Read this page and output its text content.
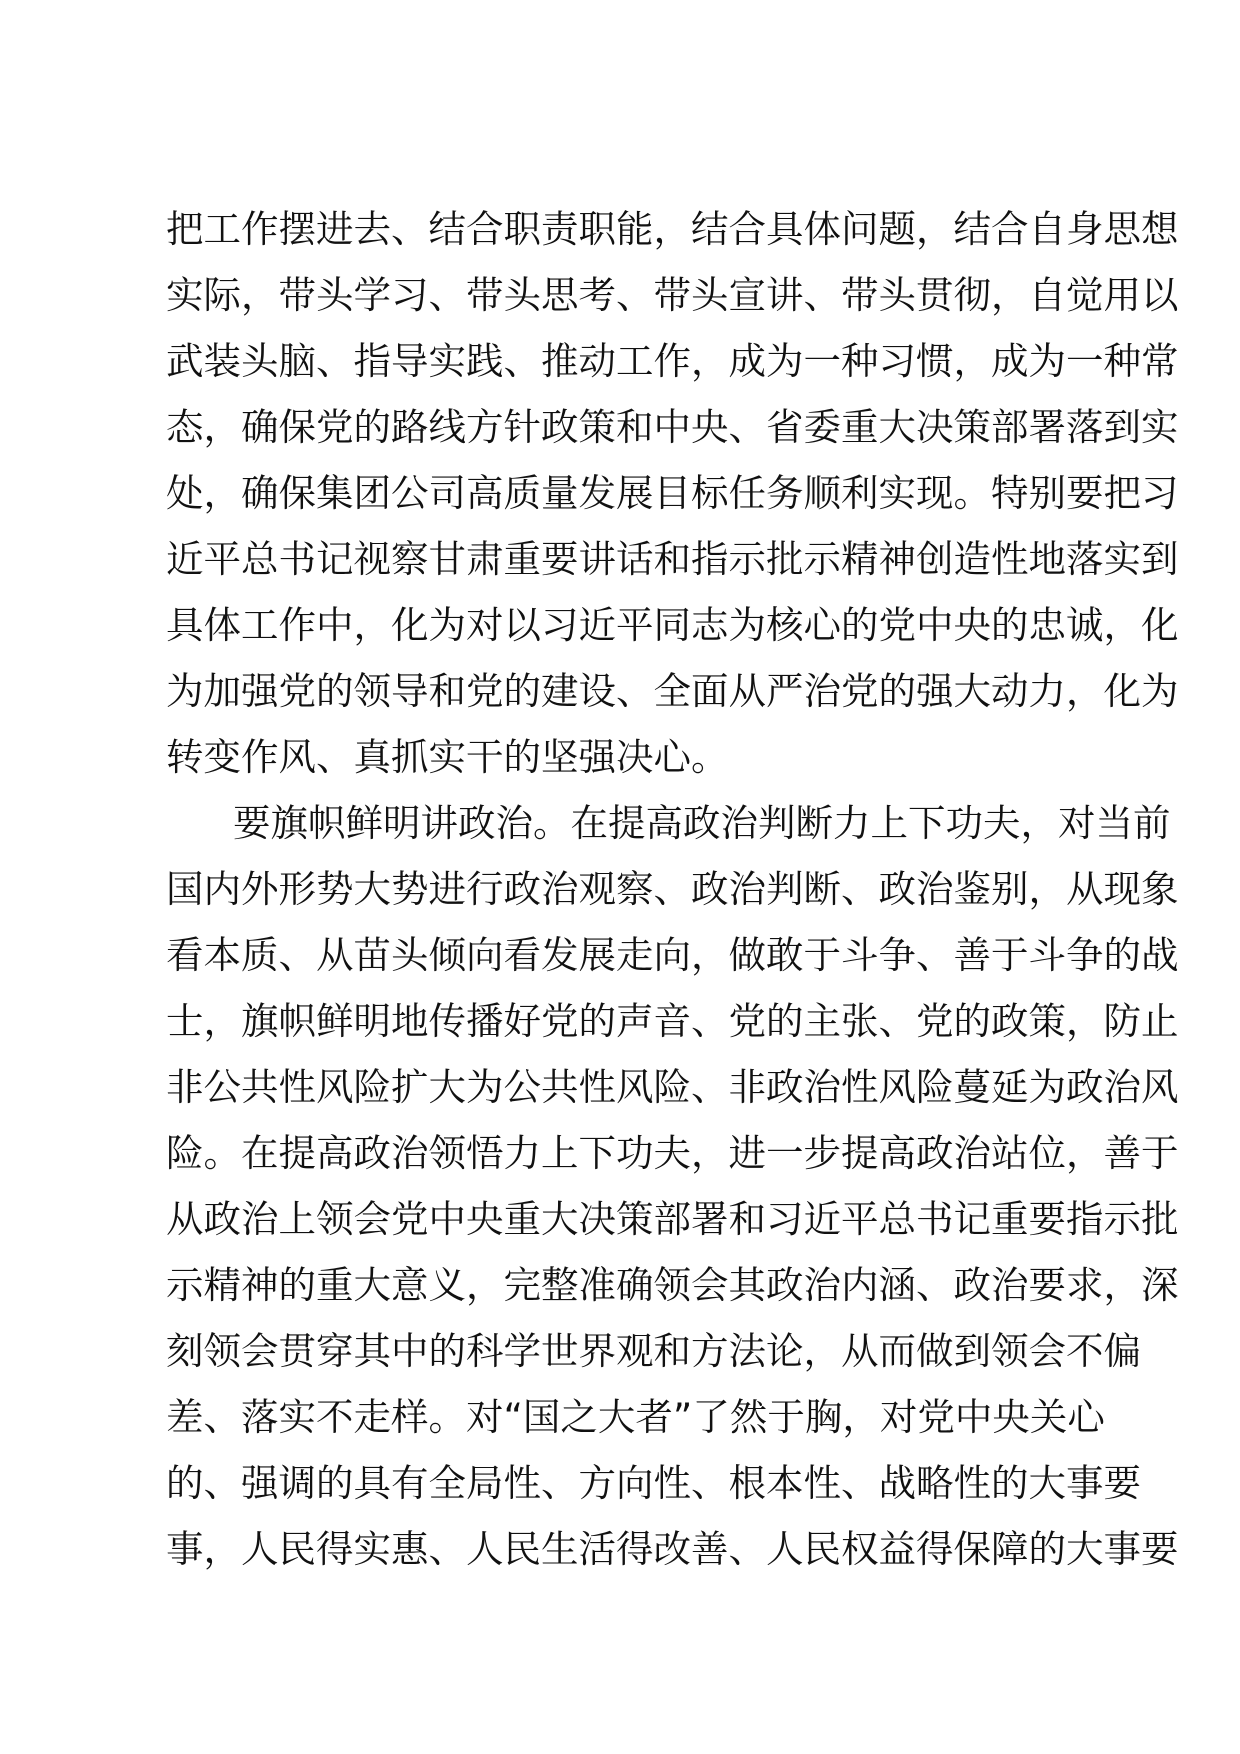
把工作摆进去、结合职责职能，结合具体问题，结合自身思想
实际，带头学习、带头思考、带头宣讲、带头贯彻，自觉用以
武装头脑、指导实践、推动工作，成为一种习惯，成为一种常
态，确保党的路线方针政策和中央、省委重大决策部署落到实
处，确保集团公司高质量发展目标任务顺利实现。特别要把习
近平总书记视察甘肃重要讲话和指示批示精神创造性地落实到
具体工作中，化为对以习近平同志为核心的党中央的忠诚，化
为加强党的领导和党的建设、全面从严治党的强大动力，化为
转变作风、真抓实干的坚强决心。
要旗帜鲜明讲政治。在提高政治判断力上下功夫，对当前
国内外形势大势进行政治观察、政治判断、政治鉴别，从现象
看本质、从苗头倾向看发展走向，做敢于斗争、善于斗争的战
士，旗帜鲜明地传播好党的声音、党的主张、党的政策，防止
非公共性风险扩大为公共性风险、非政治性风险蔓延为政治风
险。在提高政治领悟力上下功夫，进一步提高政治站位，善于
从政治上领会党中央重大决策部署和习近平总书记重要指示批
示精神的重大意义，完整准确领会其政治内涵、政治要求，深
刻领会贯穿其中的科学世界观和方法论，从而做到领会不偏
差、落实不走样。对“国之大者”了然于胸，对党中央关心
的、强调的具有全局性、方向性、根本性、战略性的大事要
事，人民得实惠、人民生活得改善、人民权益得保障的大事要
